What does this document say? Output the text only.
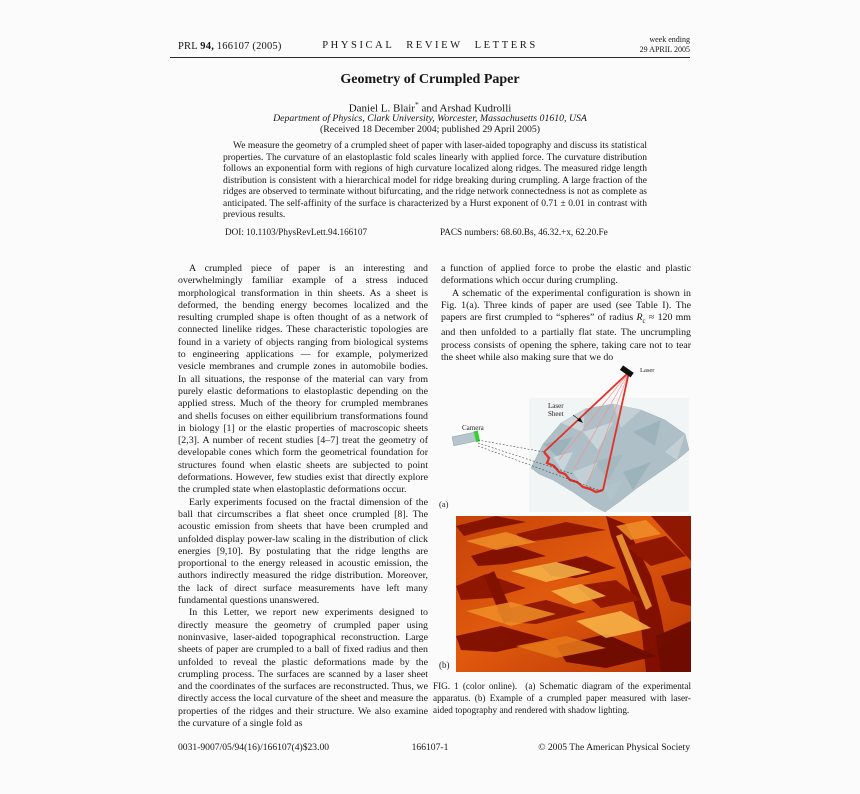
PRL 94, 166107 (2005)	PHYSICAL REVIEW LETTERS
week ending
29 APRIL 2005
Geometry of Crumpled Paper
Daniel L. Blair* and Arshad Kudrolli
Department of Physics, Clark University, Worcester, Massachusetts 01610, USA
(Received 18 December 2004; published 29 April 2005)
We measure the geometry of a crumpled sheet of paper with laser-aided topography and discuss its statistical properties. The curvature of an elastoplastic fold scales linearly with applied force. The curvature distribution follows an exponential form with regions of high curvature localized along ridges. The measured ridge length distribution is consistent with a hierarchical model for ridge breaking during crumpling. A large fraction of the ridges are observed to terminate without bifurcating, and the ridge network connectedness is not as complete as anticipated. The self-affinity of the surface is characterized by a Hurst exponent of 0.71 ± 0.01 in contrast with previous results.
DOI: 10.1103/PhysRevLett.94.166107	PACS numbers: 68.60.Bs, 46.32.+x, 62.20.Fe

A crumpled piece of paper is an interesting and overwhelmingly familiar example of a stress induced morphological transformation in thin sheets. As a sheet is deformed, the bending energy becomes localized and the resulting crumpled shape is often thought of as a network of connected linelike ridges. These characteristic topologies are found in a variety of objects ranging from biological systems to engineering applications — for example, polymerized vesicle membranes and crumple zones in automobile bodies. In all situations, the response of the material can vary from purely elastic deformations to elastoplastic depending on the applied stress. Much of the theory for crumpled membranes and shells focuses on either equilibrium transformations found in biology [1] or the elastic properties of macroscopic sheets [2,3]. A number of recent studies [4–7] treat the geometry of developable cones which form the geometrical foundation for structures found when elastic sheets are subjected to point deformations. However, few studies exist that directly explore the crumpled state when elastoplastic deformations occur.

Early experiments focused on the fractal dimension of the ball that circumscribes a flat sheet once crumpled [8]. The acoustic emission from sheets that have been crumpled and unfolded display power-law scaling in the distribution of click energies [9,10]. By postulating that the ridge lengths are proportional to the energy released in acoustic emission, the authors indirectly measured the ridge distribution. Moreover, the lack of direct surface measurements have left many fundamental questions unanswered.

In this Letter, we report new experiments designed to directly measure the geometry of crumpled paper using noninvasive, laser-aided topographical reconstruction. Large sheets of paper are crumpled to a ball of fixed radius and then unfolded to reveal the plastic deformations made by the crumpling process. The surfaces are scanned by a laser sheet and the coordinates of the surfaces are reconstructed. Thus, we directly access the local curvature of the sheet and measure the properties of the ridges and their structure. We also examine the curvature of a single fold as

a function of applied force to probe the elastic and plastic deformations which occur during crumpling.

A schematic of the experimental configuration is shown in Fig. 1(a). Three kinds of paper are used (see Table I). The papers are first crumpled to “spheres” of radius $R_c \approx 120$ mm and then unfolded to a partially flat state. The uncrumpling process consists of opening the sphere, taking care not to tear the sheet while also making sure that we do

Laser
Laser
Sheet
Camera
(a)
(b)
FIG. 1 (color online).  (a) Schematic diagram of the experimental apparatus. (b) Example of a crumpled paper measured with laser-aided topography and rendered with shadow lighting.
0031-9007/05/94(16)/166107(4)$23.00	166107-1	© 2005 The American Physical Society
